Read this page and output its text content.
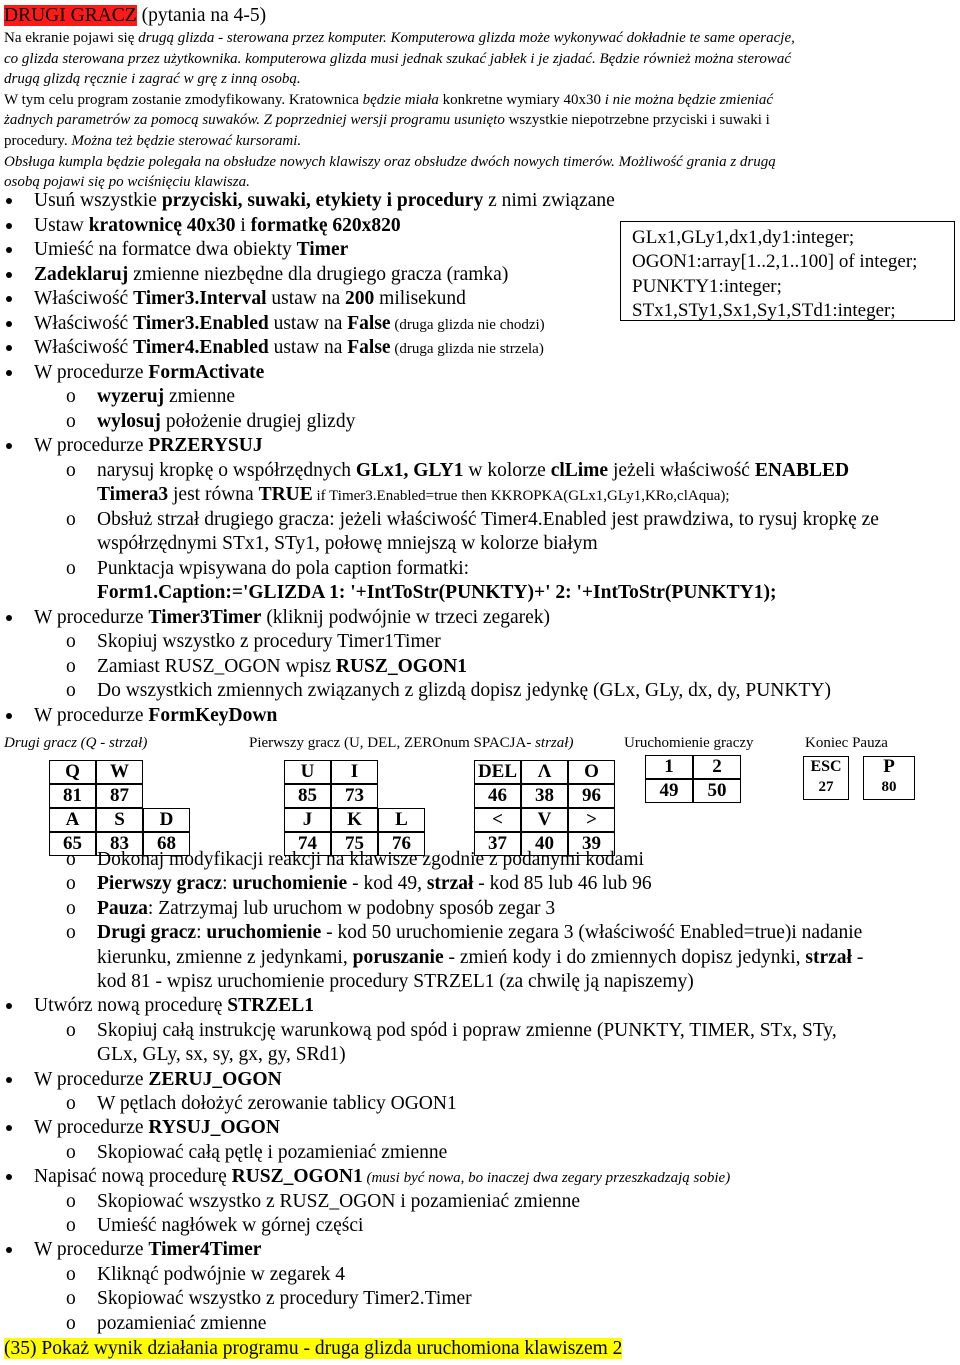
DRUGI GRACZ (pytania na 4-5)

Na ekranie pojawi się drugą glizda - sterowana przez komputer. Komputerowa glizda może wykonywać dokładnie te same operacje,

co glizda sterowana przez użytkownika. komputerowa glizda musi jednak szukać jabłek i je zjadać. Będzie również można sterować

drugą glizdą ręcznie i zagrać w grę z inną osobą.

W tym celu program zostanie zmodyfikowany. Kratownica będzie miała konkretne wymiary 40x30 i nie można będzie zmieniać

żadnych parametrów za pomocą suwaków. Z poprzedniej wersji programu usunięto wszystkie niepotrzebne przyciski i suwaki i

procedury. Można też będzie sterować kursorami.

Obsługa kumpla będzie polegała na obsłudze nowych klawiszy oraz obsłudze dwóch nowych timerów. Możliwość grania z drugą

osobą pojawi się po wciśnięciu klawisza.

Usuń wszystkie przyciski, suwaki, etykiety i procedury z nimi związane
Ustaw kratownicę 40x30 i formatkę 620x820
Umieść na formatce dwa obiekty Timer
Zadeklaruj zmienne niezbędne dla drugiego gracza (ramka)
Właściwość Timer3.Interval ustaw na 200 milisekund
Właściwość Timer3.Enabled ustaw na False (druga glizda nie chodzi)
Właściwość Timer4.Enabled ustaw na False (druga glizda nie strzela)
W procedurze FormActivate
o wyzeruj zmienne
o wylosuj położenie drugiej glizdy
W procedurze PRZERYSUJ
o narysuj kropkę o współrzędnych GLx1, GLY1 w kolorze clLime jeżeli właściwość ENABLED
Timera3 jest równa TRUE if Timer3.Enabled=true then KKROPKA(GLx1,GLy1,KRo,clAqua);
o Obsłuż strzał drugiego gracza: jeżeli właściwość Timer4.Enabled jest prawdziwa, to rysuj kropkę ze
współrzędnymi STx1, STy1, połowę mniejszą w kolorze białym
o Punktacja wpisywana do pola caption formatki:
Form1.Caption:='GLIZDA 1: '+IntToStr(PUNKTY)+' 2: '+IntToStr(PUNKTY1);
W procedurze Timer3Timer (kliknij podwójnie w trzeci zegarek)
o Skopiuj wszystko z procedury Timer1Timer
o Zamiast RUSZ_OGON wpisz RUSZ_OGON1
o Do wszystkich zmiennych związanych z glizdą dopisz jedynkę (GLx, GLy, dx, dy, PUNKTY)
W procedurze FormKeyDown
GLx1,GLy1,dx1,dy1:integer;
OGON1:array[1..2,1..100] of integer;
PUNKTY1:integer;
STx1,STy1,Sx1,Sy1,STd1:integer;
Drugi gracz (Q - strzał)	Pierwszy gracz (U, DEL, ZEROnum SPACJA- strzał)	Uruchomienie graczy	Koniec Pauza
Q	W
81	87
A	S	D
65	83	68
U	I
85	73
J	K	L
74	75	76
DEL	Λ	O
46	38	96
<	V	>
37	40	39
1	2
49	50
ESC
27
P
80
o Dokonaj modyfikacji reakcji na klawisze zgodnie z podanymi kodami
o Pierwszy gracz: uruchomienie - kod 49, strzał - kod 85 lub 46 lub 96
o Pauza: Zatrzymaj lub uruchom w podobny sposób zegar 3
o Drugi gracz: uruchomienie - kod 50 uruchomienie zegara 3 (właściwość Enabled=true)i nadanie
kierunku, zmienne z jedynkami, poruszanie - zmień kody i do zmiennych dopisz jedynki, strzał -
kod 81 - wpisz uruchomienie procedury STRZEL1 (za chwilę ją napiszemy)
Utwórz nową procedurę STRZEL1
o Skopiuj całą instrukcję warunkową pod spód i popraw zmienne (PUNKTY, TIMER, STx, STy,
GLx, GLy, sx, sy, gx, gy, SRd1)
W procedurze ZERUJ_OGON
o W pętlach dołożyć zerowanie tablicy OGON1
W procedurze RYSUJ_OGON
o Skopiować całą pętlę i pozamieniać zmienne
Napisać nową procedurę RUSZ_OGON1 (musi być nowa, bo inaczej dwa zegary przeszkadzają sobie)
o Skopiować wszystko z RUSZ_OGON i pozamieniać zmienne
o Umieść nagłówek w górnej części
W procedurze Timer4Timer
o Kliknąć podwójnie w zegarek 4
o Skopiować wszystko z procedury Timer2.Timer
o pozamieniać zmienne
(35) Pokaż wynik działania programu - druga glizda uruchomiona klawiszem 2
